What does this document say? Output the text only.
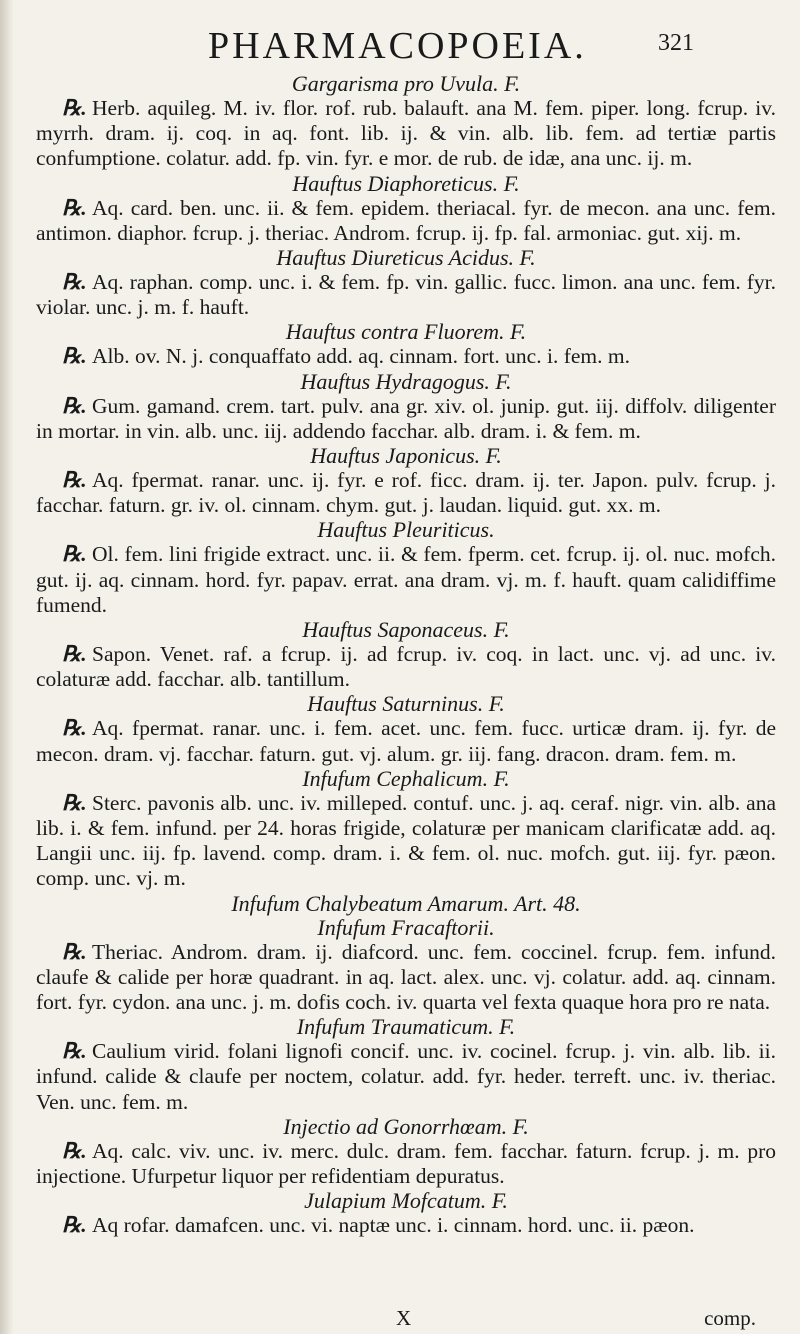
PHARMACOPOEIA.	321

Gargarisma pro Uvula. F.

℞. Herb. aquileg. M. iv. flor. rof. rub. balauft. ana M. fem. piper. long. fcrup. iv. myrrh. dram. ij. coq. in aq. font. lib. ij. & vin. alb. lib. fem. ad tertiæ partis confumptione. colatur. add. fp. vin. fyr. e mor. de rub. de idæ, ana unc. ij. m.

Hauftus Diaphoreticus. F.

℞. Aq. card. ben. unc. ii. & fem. epidem. theriacal. fyr. de mecon. ana unc. fem. antimon. diaphor. fcrup. j. theriac. Androm. fcrup. ij. fp. fal. armoniac. gut. xij. m.

Hauftus Diureticus Acidus. F.

℞. Aq. raphan. comp. unc. i. & fem. fp. vin. gallic. fucc. limon. ana unc. fem. fyr. violar. unc. j. m. f. hauft.

Hauftus contra Fluorem. F.

℞. Alb. ov. N. j. conquaffato add. aq. cinnam. fort. unc. i. fem. m.

Hauftus Hydragogus. F.

℞. Gum. gamand. crem. tart. pulv. ana gr. xiv. ol. junip. gut. iij. diffolv. diligenter in mortar. in vin. alb. unc. iij. addendo facchar. alb. dram. i. & fem. m.

Hauftus Japonicus. F.

℞. Aq. fpermat. ranar. unc. ij. fyr. e rof. ficc. dram. ij. ter. Japon. pulv. fcrup. j. facchar. faturn. gr. iv. ol. cinnam. chym. gut. j. laudan. liquid. gut. xx. m.

Hauftus Pleuriticus.

℞. Ol. fem. lini frigide extract. unc. ii. & fem. fperm. cet. fcrup. ij. ol. nuc. mofch. gut. ij. aq. cinnam. hord. fyr. papav. errat. ana dram. vj. m. f. hauft. quam calidiffime fumend.

Hauftus Saponaceus. F.

℞. Sapon. Venet. raf. a fcrup. ij. ad fcrup. iv. coq. in lact. unc. vj. ad unc. iv. colaturæ add. facchar. alb. tantillum.

Hauftus Saturninus. F.

℞. Aq. fpermat. ranar. unc. i. fem. acet. unc. fem. fucc. urticæ dram. ij. fyr. de mecon. dram. vj. facchar. faturn. gut. vj. alum. gr. iij. fang. dracon. dram. fem. m.

Infufum Cephalicum. F.

℞. Sterc. pavonis alb. unc. iv. milleped. contuf. unc. j. aq. ceraf. nigr. vin. alb. ana lib. i. & fem. infund. per 24. horas frigide, colaturæ per manicam clarificatæ add. aq. Langii unc. iij. fp. lavend. comp. dram. i. & fem. ol. nuc. mofch. gut. iij. fyr. pæon. comp. unc. vj. m.

Infufum Chalybeatum Amarum. Art. 48.

Infufum Fracaftorii.

℞. Theriac. Androm. dram. ij. diafcord. unc. fem. coccinel. fcrup. fem. infund. claufe & calide per horæ quadrant. in aq. lact. alex. unc. vj. colatur. add. aq. cinnam. fort. fyr. cydon. ana unc. j. m. dofis coch. iv. quarta vel fexta quaque hora pro re nata.

Infufum Traumaticum. F.

℞. Caulium virid. folani lignofi concif. unc. iv. cocinel. fcrup. j. vin. alb. lib. ii. infund. calide & claufe per noctem, colatur. add. fyr. heder. terreft. unc. iv. theriac. Ven. unc. fem. m.

Injectio ad Gonorrhœam. F.

℞. Aq. calc. viv. unc. iv. merc. dulc. dram. fem. facchar. faturn. fcrup. j. m. pro injectione. Ufurpetur liquor per refidentiam depuratus.

Julapium Mofcatum. F.

℞. Aq rofar. damafcen. unc. vi. naptæ unc. i. cinnam. hord. unc. ii. pæon.

X	comp.
